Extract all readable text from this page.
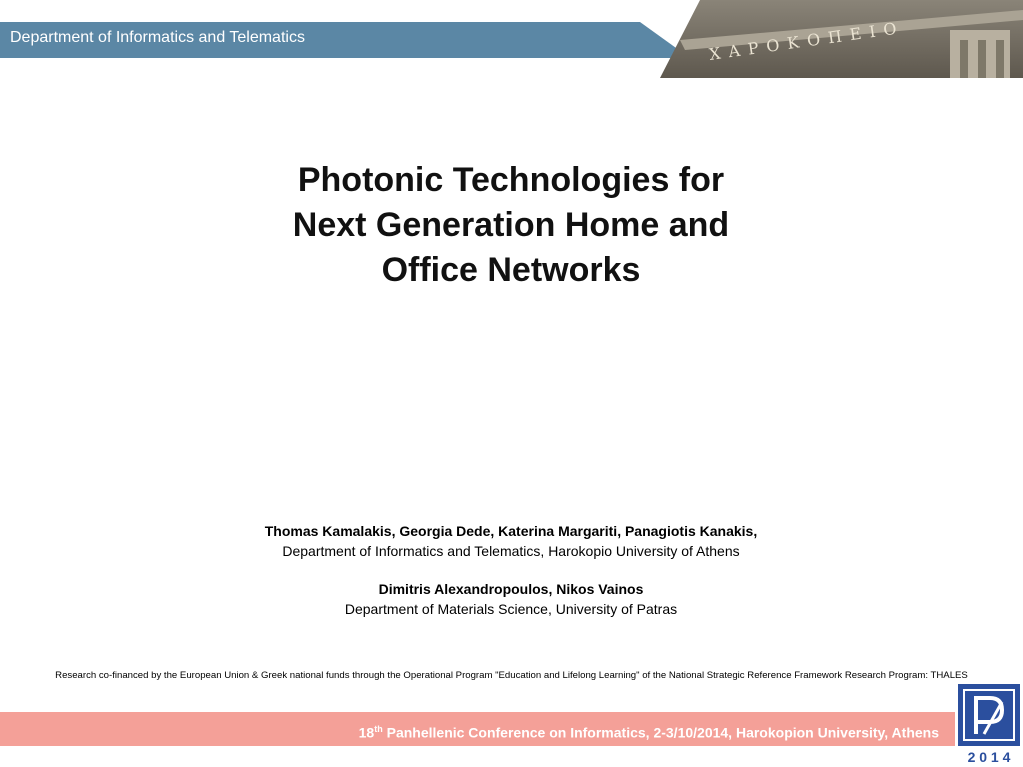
Department of Informatics and Telematics	ΧΑΡΟΚΟΠΕΙΟ
Photonic Technologies for
Next Generation Home and
Office Networks
Thomas Kamalakis, Georgia Dede, Katerina Margariti, Panagiotis Kanakis,
Department of Informatics and Telematics, Harokopio University of Athens
Dimitris Alexandropoulos, Nikos Vainos
Department of Materials Science, University of Patras
Research co-financed by the European Union & Greek national funds through the Operational Program "Education and Lifelong Learning" of the National Strategic Reference Framework Research Program: THALES
18th Panhellenic Conference on Informatics, 2-3/10/2014, Harokopion University, Athens
2 0 1 4
